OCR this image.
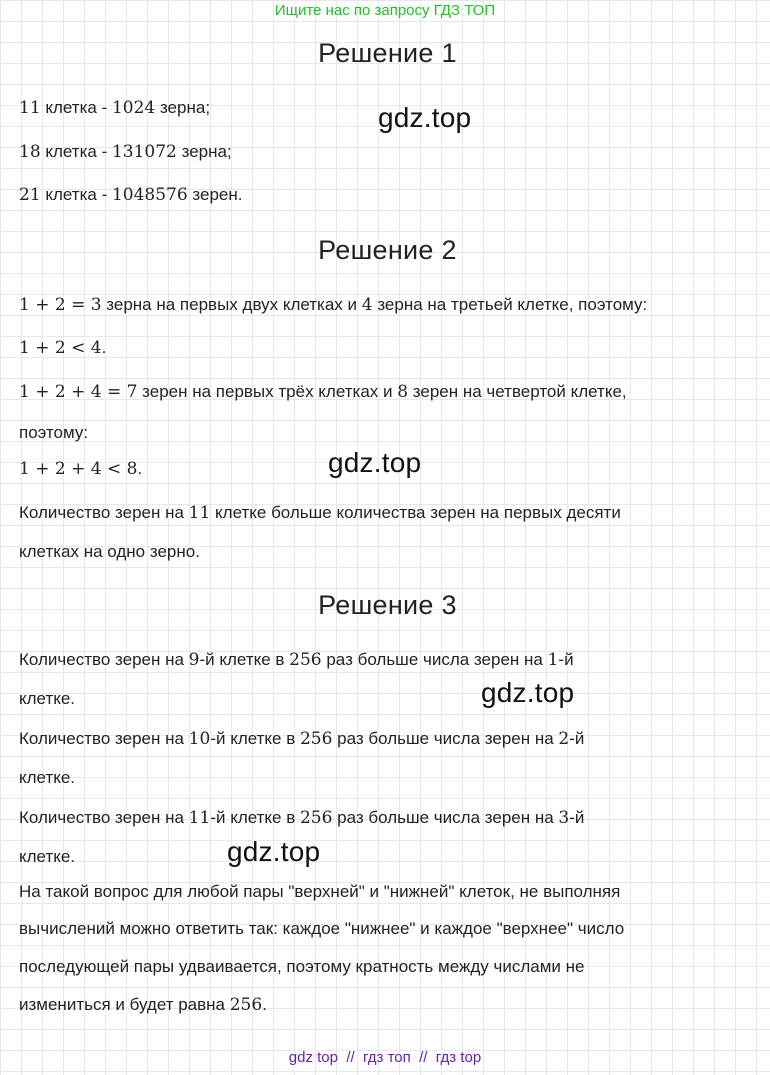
Ищите нас по запросу ГДЗ ТОП
Решение 1
11 клетка - 1024 зерна;
18 клетка - 131072 зерна;
21 клетка - 1048576 зерен.
gdz.top
Решение 2
1 + 2 = 3 зерна на первых двух клетках и 4 зерна на третьей клетке, поэтому:
1 + 2 < 4.
1 + 2 + 4 = 7 зерен на первых трёх клетках и 8 зерен на четвертой клетке,
поэтому:
1 + 2 + 4 < 8.	gdz.top
Количество зерен на 11 клетке больше количества зерен на первых десяти
клетках на одно зерно.
Решение 3
Количество зерен на 9-й клетке в 256 раз больше числа зерен на 1-й
клетке.	gdz.top
Количество зерен на 10-й клетке в 256 раз больше числа зерен на 2-й
клетке.
Количество зерен на 11-й клетке в 256 раз больше числа зерен на 3-й
клетке.	gdz.top
На такой вопрос для любой пары "верхней" и "нижней" клеток, не выполняя
вычислений можно ответить так: каждое "нижнее" и каждое "верхнее" число
последующей пары удваивается, поэтому кратность между числами не
измениться и будет равна 256.
gdz top  //  гдз топ  //  гдз top
